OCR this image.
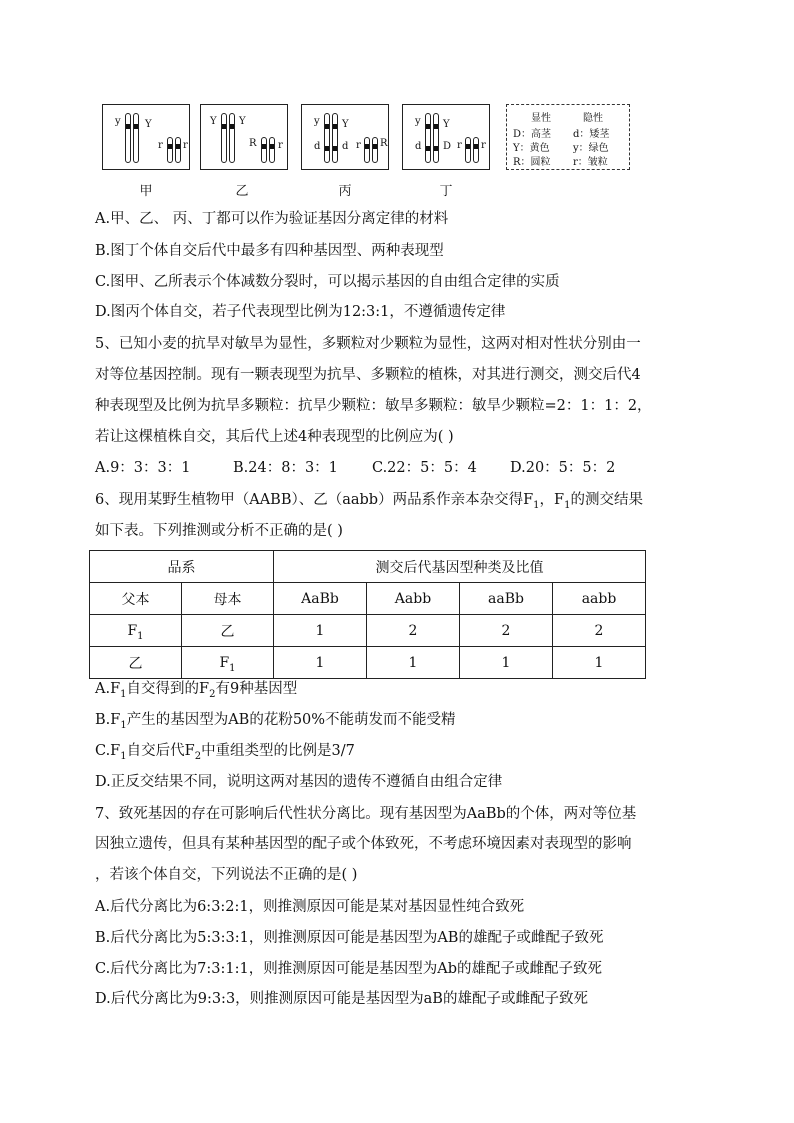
y Y
r r
甲
Y Y
R r
乙
y Y
d d r R
丙
y Y
d D r r
丁
显性	隐性
D：高茎 d：矮茎
Y：黄色 y：绿色
R：圆粒 r：皱粒
A.甲、乙、 丙、丁都可以作为验证基因分离定律的材料
B.图丁个体自交后代中最多有四种基因型、两种表现型
C.图甲、乙所表示个体减数分裂时，可以揭示基因的自由组合定律的实质
D.图丙个体自交，若子代表现型比例为12:3:1，不遵循遗传定律
5、已知小麦的抗旱对敏旱为显性，多颗粒对少颗粒为显性，这两对相对性状分别由一
对等位基因控制。现有一颗表现型为抗旱、多颗粒的植株，对其进行测交，测交后代4
种表现型及比例为抗旱多颗粒：抗旱少颗粒：敏旱多颗粒：敏旱少颗粒=2：1：1：2，
若让这棵植株自交，其后代上述4种表现型的比例应为( )
A.9：3：3：1	B.24：8：3：1 C.22：5：5：4 D.20：5：5：2
6、现用某野生植物甲（AABB）、乙（aabb）两品系作亲本杂交得$F_1$，$F_1$的测交结果
如下表。下列推测或分析不正确的是( )
品系		测交后代基因型种类及比值			
父本	母本	AaBb	Aabb	aaBb	aabb
$F_1$	乙	1	2	2	2
乙	$F_1$	1	1	1	1
$A.F_1$自交得到的$F_2$有9种基因型
$B.F_1$产生的基因型为AB的花粉50%不能萌发而不能受精
$C.F_1$自交后代$F_2$中重组类型的比例是3/7
D.正反交结果不同，说明这两对基因的遗传不遵循自由组合定律
7、致死基因的存在可影响后代性状分离比。现有基因型为AaBb的个体，两对等位基
因独立遗传，但具有某种基因型的配子或个体致死，不考虑环境因素对表现型的影响
，若该个体自交，下列说法不正确的是( )
A.后代分离比为6:3:2:1，则推测原因可能是某对基因显性纯合致死
B.后代分离比为5:3:3:1，则推测原因可能是基因型为AB的雄配子或雌配子致死
C.后代分离比为7:3:1:1，则推测原因可能是基因型为Ab的雄配子或雌配子致死
D.后代分离比为9:3:3，则推测原因可能是基因型为aB的雄配子或雌配子致死
